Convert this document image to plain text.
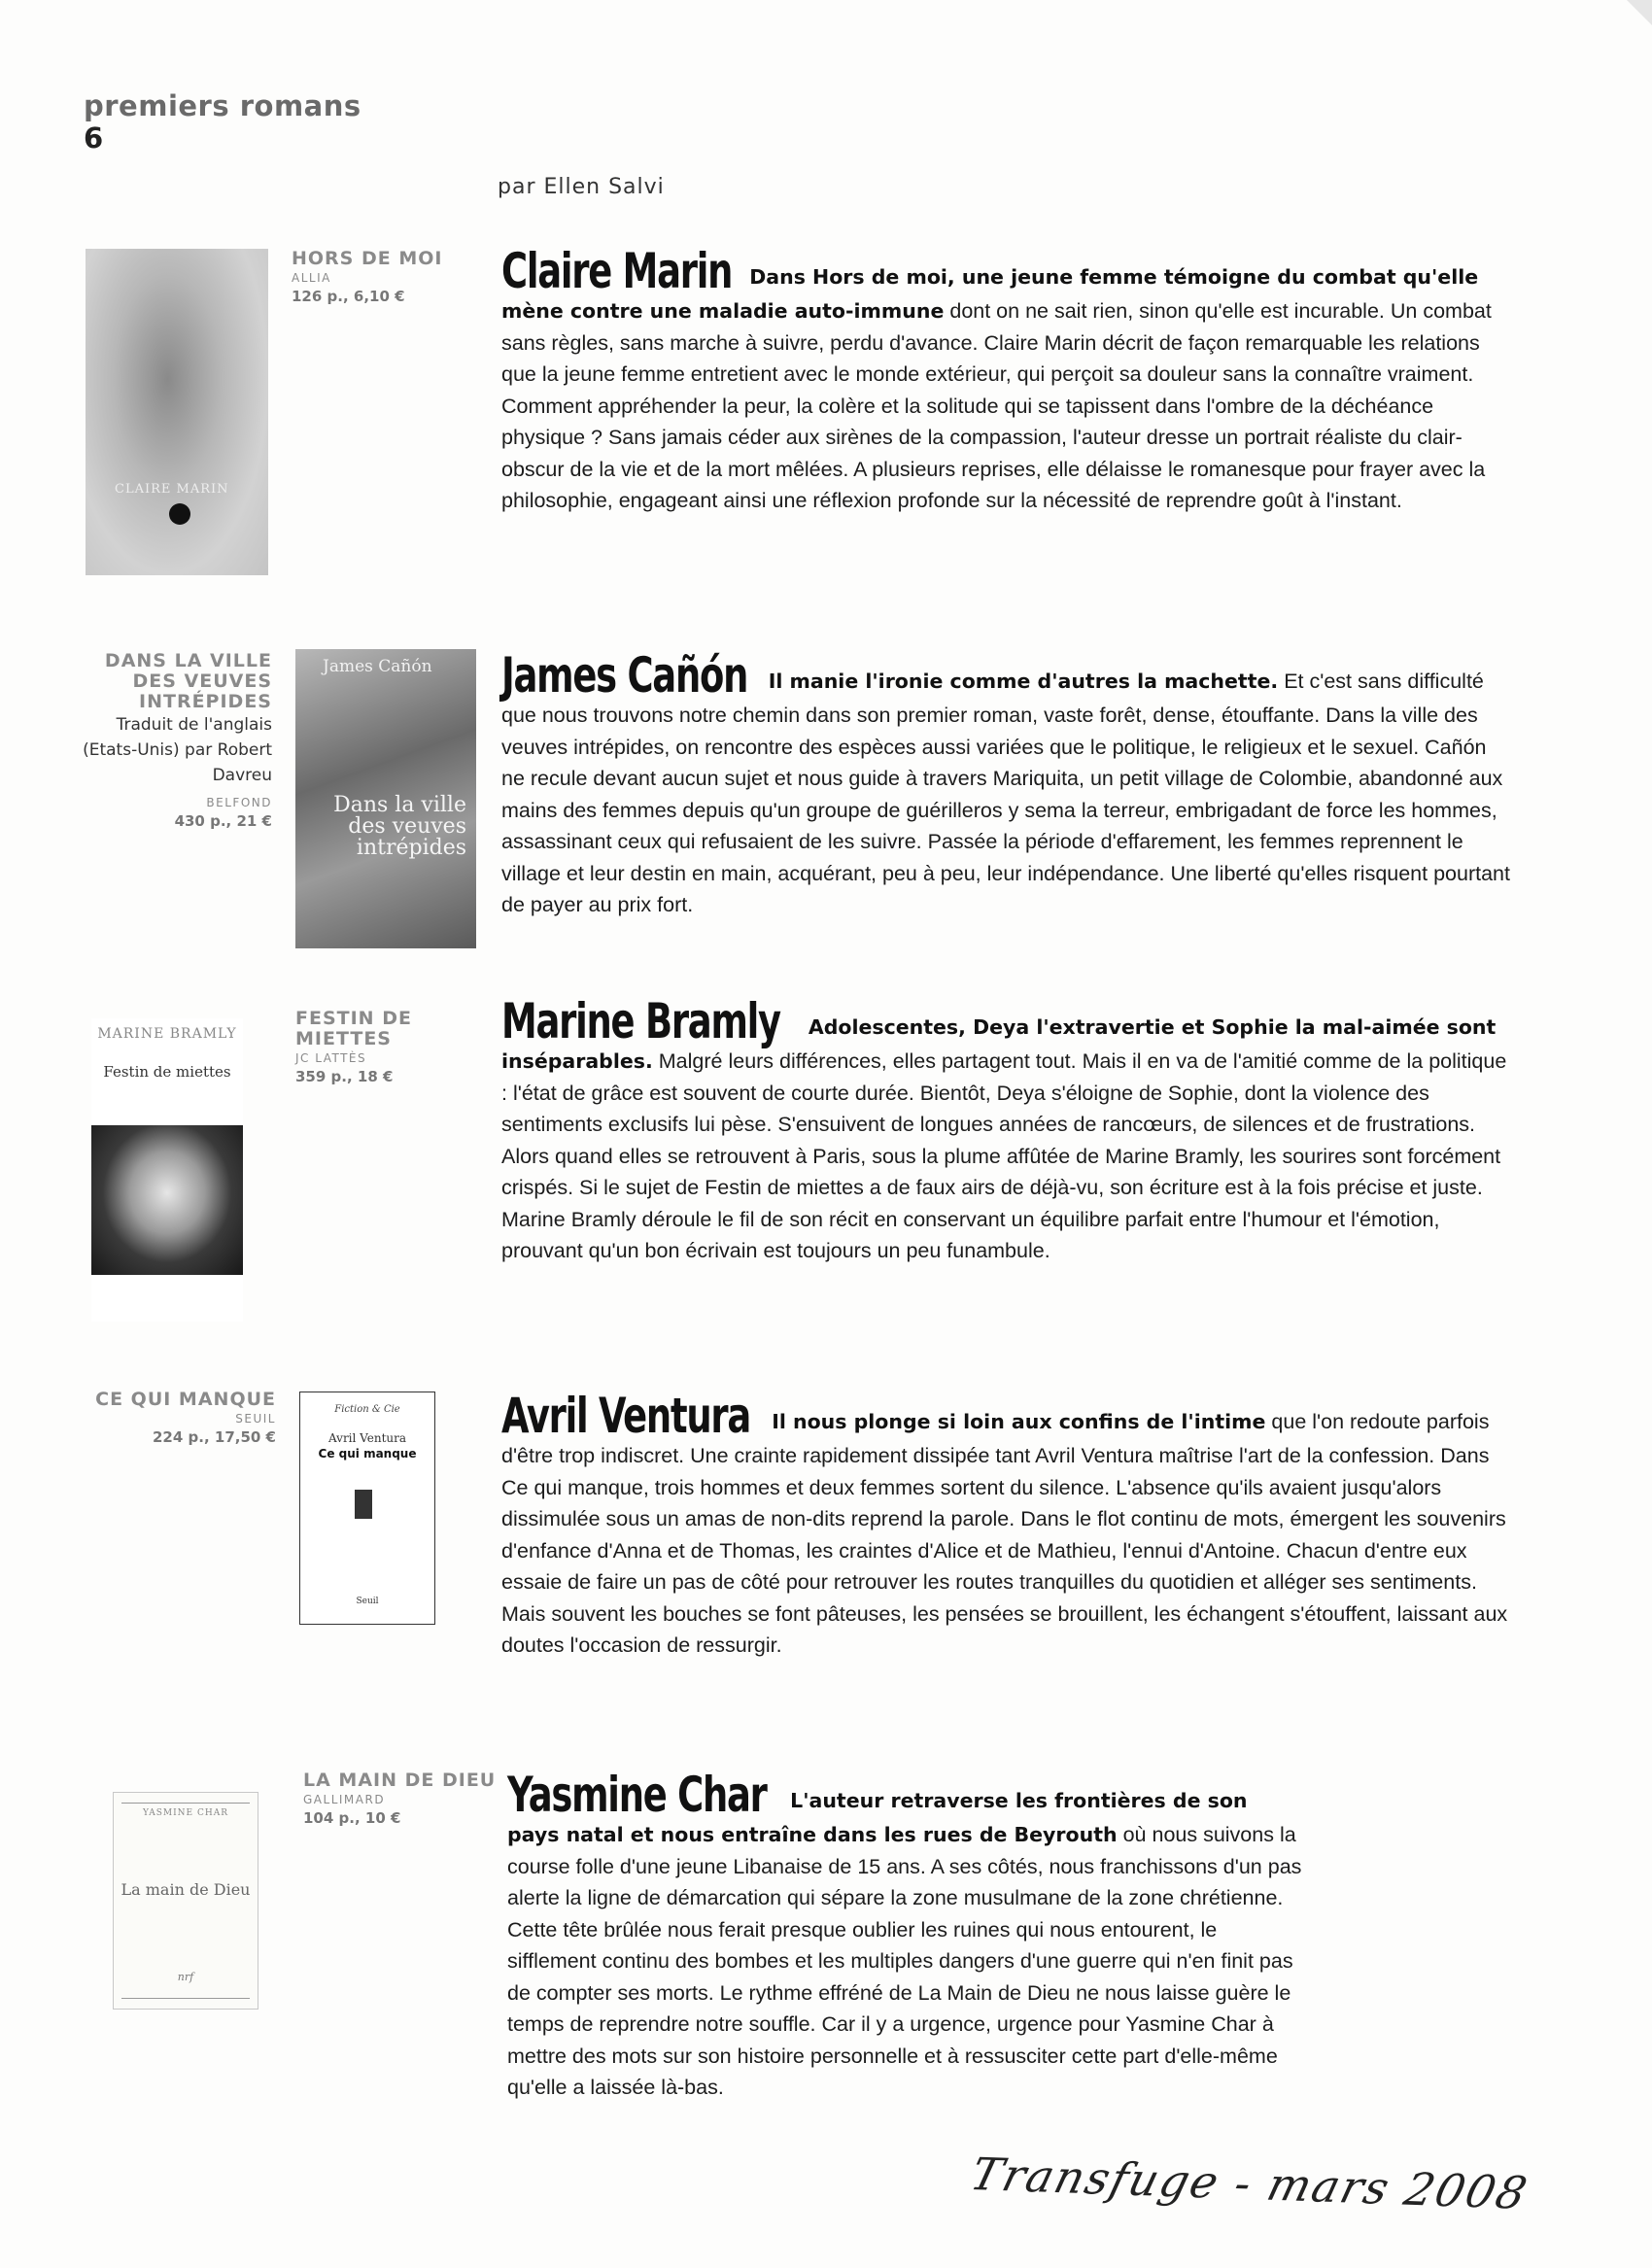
premiers romans
6
par Ellen Salvi
CLAIRE MARIN
HORS DE MOI
ALLIA
126 p., 6,10 €	Claire Marin Dans Hors de moi, une jeune femme témoigne du combat qu'elle mène contre une maladie auto-immune dont on ne sait rien, sinon qu'elle est incurable. Un combat sans règles, sans marche à suivre, perdu d'avance. Claire Marin décrit de façon remarquable les relations que la jeune femme entretient avec le monde extérieur, qui perçoit sa douleur sans la connaître vraiment. Comment appréhender la peur, la colère et la solitude qui se tapissent dans l'ombre de la déchéance physique ? Sans jamais céder aux sirènes de la compassion, l'auteur dresse un portrait réaliste du clair-obscur de la vie et de la mort mêlées. A plusieurs reprises, elle délaisse le romanesque pour frayer avec la philosophie, engageant ainsi une réflexion profonde sur la nécessité de reprendre goût à l'instant.
DANS LA VILLE DES VEUVES INTRÉPIDES
Traduit de l'anglais (Etats-Unis) par Robert Davreu
BELFOND
430 p., 21 €
James Cañón
Dans la ville des veuves intrépides
James Cañón Il manie l'ironie comme d'autres la machette. Et c'est sans difficulté que nous trouvons notre chemin dans son premier roman, vaste forêt, dense, étouffante. Dans la ville des veuves intrépides, on rencontre des espèces aussi variées que le politique, le religieux et le sexuel. Cañón ne recule devant aucun sujet et nous guide à travers Mariquita, un petit village de Colombie, abandonné aux mains des femmes depuis qu'un groupe de guérilleros y sema la terreur, embrigadant de force les hommes, assassinant ceux qui refusaient de les suivre. Passée la période d'effarement, les femmes reprennent le village et leur destin en main, acquérant, peu à peu, leur indépendance. Une liberté qu'elles risquent pourtant de payer au prix fort.
MARINE BRAMLY
Festin de miettes
FESTIN DE MIETTES
JC LATTÈS
359 p., 18 €
Marine Bramly Adolescentes, Deya l'extravertie et Sophie la mal-aimée sont inséparables. Malgré leurs différences, elles partagent tout. Mais il en va de l'amitié comme de la politique : l'état de grâce est souvent de courte durée. Bientôt, Deya s'éloigne de Sophie, dont la violence des sentiments exclusifs lui pèse. S'ensuivent de longues années de rancœurs, de silences et de frustrations. Alors quand elles se retrouvent à Paris, sous la plume affûtée de Marine Bramly, les sourires sont forcément crispés. Si le sujet de Festin de miettes a de faux airs de déjà-vu, son écriture est à la fois précise et juste. Marine Bramly déroule le fil de son récit en conservant un équilibre parfait entre l'humour et l'émotion, prouvant qu'un bon écrivain est toujours un peu funambule.
CE QUI MANQUE
SEUIL
224 p., 17,50 €
Fiction & Cie
Avril Ventura
Ce qui manque
Seuil
Avril Ventura Il nous plonge si loin aux confins de l'intime que l'on redoute parfois d'être trop indiscret. Une crainte rapidement dissipée tant Avril Ventura maîtrise l'art de la confession. Dans Ce qui manque, trois hommes et deux femmes sortent du silence. L'absence qu'ils avaient jusqu'alors dissimulée sous un amas de non-dits reprend la parole. Dans le flot continu de mots, émergent les souvenirs d'enfance d'Anna et de Thomas, les craintes d'Alice et de Mathieu, l'ennui d'Antoine. Chacun d'entre eux essaie de faire un pas de côté pour retrouver les routes tranquilles du quotidien et alléger ses sentiments. Mais souvent les bouches se font pâteuses, les pensées se brouillent, les échangent s'étouffent, laissant aux doutes l'occasion de ressurgir.
YASMINE CHAR
La main de Dieu
nrf
LA MAIN DE DIEU
GALLIMARD
104 p., 10 €	Yasmine Char L'auteur retraverse les frontières de son pays natal et nous entraîne dans les rues de Beyrouth où nous suivons la course folle d'une jeune Libanaise de 15 ans. A ses côtés, nous franchissons d'un pas alerte la ligne de démarcation qui sépare la zone musulmane de la zone chrétienne. Cette tête brûlée nous ferait presque oublier les ruines qui nous entourent, le sifflement continu des bombes et les multiples dangers d'une guerre qui n'en finit pas de compter ses morts. Le rythme effréné de La Main de Dieu ne nous laisse guère le temps de reprendre notre souffle. Car il y a urgence, urgence pour Yasmine Char à mettre des mots sur son histoire personnelle et à ressusciter cette part d'elle-même qu'elle a laissée là-bas.
Transfuge - mars 2008
